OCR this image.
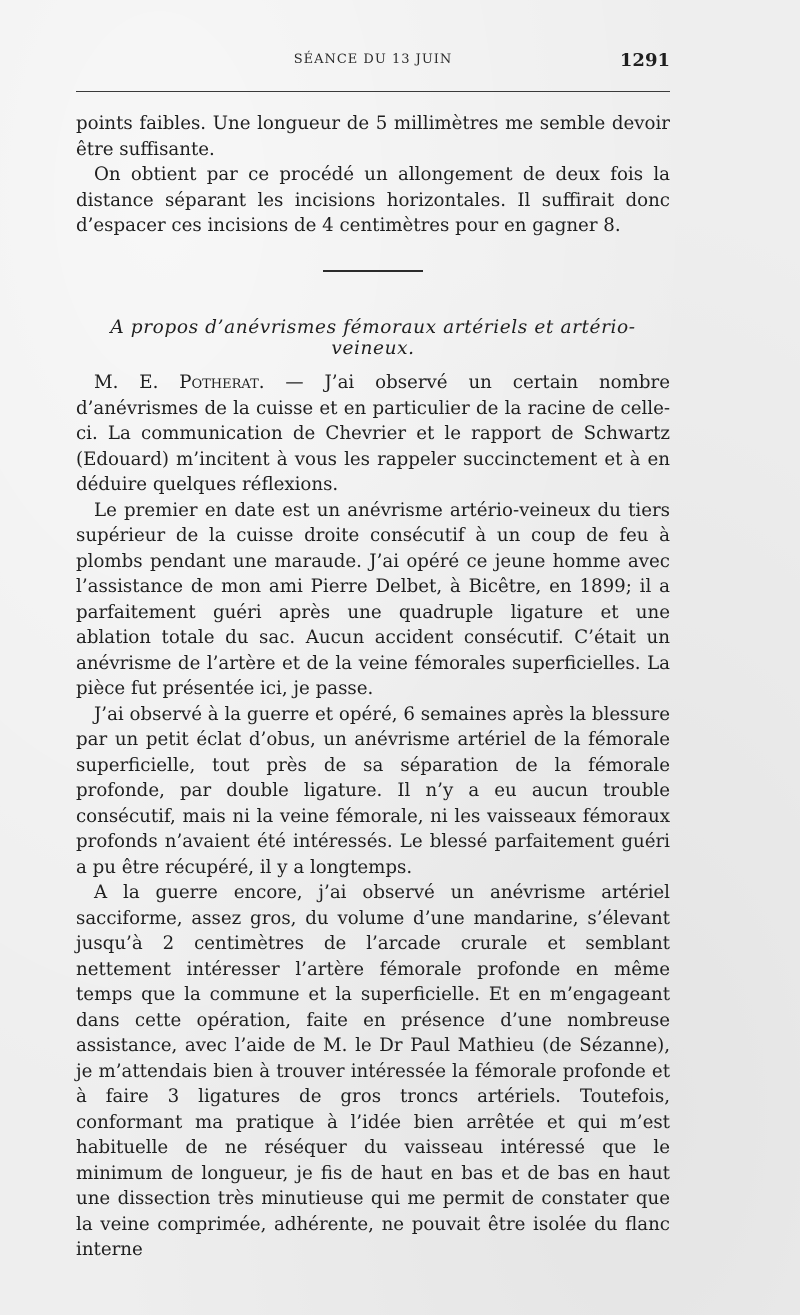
SÉANCE DU 13 JUIN	1291

points faibles. Une longueur de 5 millimètres me semble devoir être suffisante.

On obtient par ce procédé un allongement de deux fois la distance séparant les incisions horizontales. Il suffirait donc d’espacer ces incisions de 4 centimètres pour en gagner 8.

A propos d’anévrismes fémoraux artériels et artério-veineux.

M. E. Potherat. — J’ai observé un certain nombre d’anévrismes de la cuisse et en particulier de la racine de celle-ci. La communication de Chevrier et le rapport de Schwartz (Edouard) m’incitent à vous les rappeler succinctement et à en déduire quelques réflexions.

Le premier en date est un anévrisme artério-veineux du tiers supérieur de la cuisse droite consécutif à un coup de feu à plombs pendant une maraude. J’ai opéré ce jeune homme avec l’assistance de mon ami Pierre Delbet, à Bicêtre, en 1899; il a parfaitement guéri après une quadruple ligature et une ablation totale du sac. Aucun accident consécutif. C’était un anévrisme de l’artère et de la veine fémorales superficielles. La pièce fut présentée ici, je passe.

J’ai observé à la guerre et opéré, 6 semaines après la blessure par un petit éclat d’obus, un anévrisme artériel de la fémorale superficielle, tout près de sa séparation de la fémorale profonde, par double ligature. Il n’y a eu aucun trouble consécutif, mais ni la veine fémorale, ni les vaisseaux fémoraux profonds n’avaient été intéressés. Le blessé parfaitement guéri a pu être récupéré, il y a longtemps.

A la guerre encore, j’ai observé un anévrisme artériel sacciforme, assez gros, du volume d’une mandarine, s’élevant jusqu’à 2 centimètres de l’arcade crurale et semblant nettement intéresser l’artère fémorale profonde en même temps que la commune et la superficielle. Et en m’engageant dans cette opération, faite en présence d’une nombreuse assistance, avec l’aide de M. le Dr Paul Mathieu (de Sézanne), je m’attendais bien à trouver intéressée la fémorale profonde et à faire 3 ligatures de gros troncs artériels. Toutefois, conformant ma pratique à l’idée bien arrêtée et qui m’est habituelle de ne réséquer du vaisseau intéressé que le minimum de longueur, je fis de haut en bas et de bas en haut une dissection très minutieuse qui me permit de constater que la veine comprimée, adhérente, ne pouvait être isolée du flanc interne
